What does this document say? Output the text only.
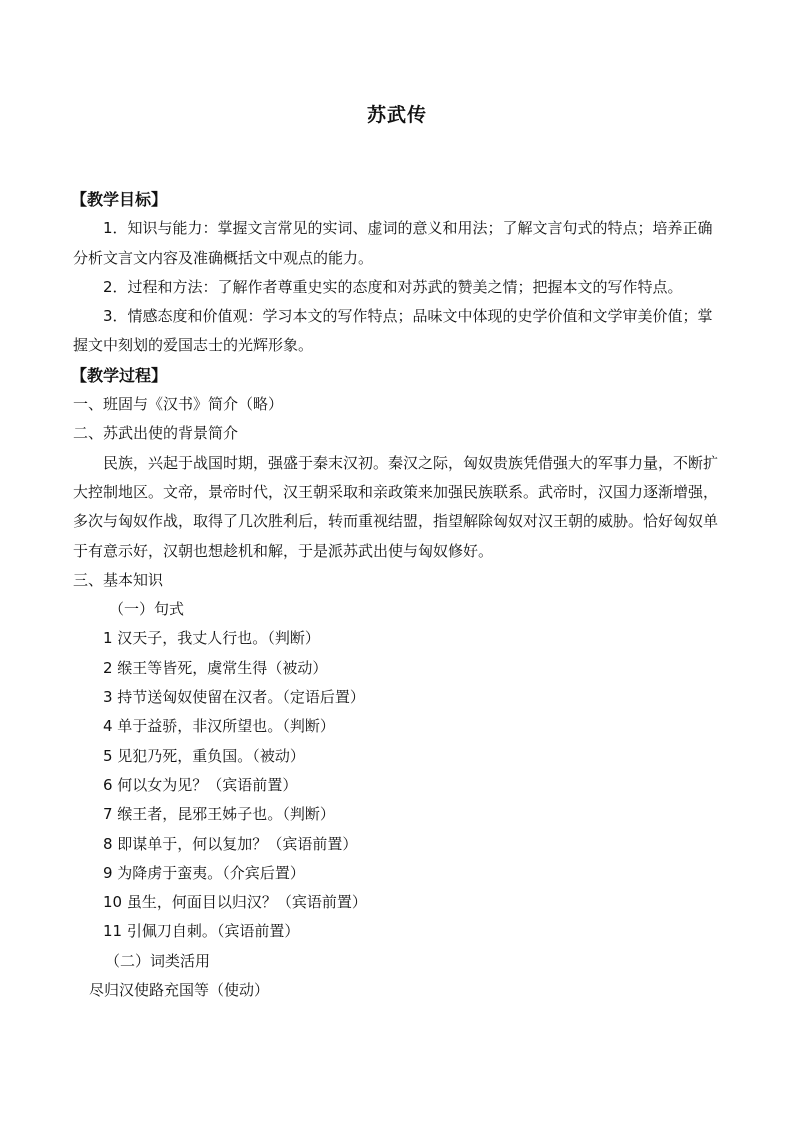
苏武传
【教学目标】

1．知识与能力：掌握文言常见的实词、虚词的意义和用法；了解文言句式的特点；培养正确分析文言文内容及准确概括文中观点的能力。

2．过程和方法：了解作者尊重史实的态度和对苏武的赞美之情；把握本文的写作特点。

3．情感态度和价值观：学习本文的写作特点；品味文中体现的史学价值和文学审美价值；掌握文中刻划的爱国志士的光辉形象。

【教学过程】

一、班固与《汉书》简介（略）

二、苏武出使的背景简介

民族，兴起于战国时期，强盛于秦末汉初。秦汉之际，匈奴贵族凭借强大的军事力量，不断扩大控制地区。文帝，景帝时代，汉王朝采取和亲政策来加强民族联系。武帝时，汉国力逐渐增强，多次与匈奴作战，取得了几次胜利后，转而重视结盟，指望解除匈奴对汉王朝的威胁。恰好匈奴单于有意示好，汉朝也想趁机和解，于是派苏武出使与匈奴修好。

三、基本知识

（一）句式

1 汉天子，我丈人行也。（判断）

2 缑王等皆死，虞常生得（被动）

3 持节送匈奴使留在汉者。（定语后置）

4 单于益骄，非汉所望也。（判断）

5 见犯乃死，重负国。（被动）

6 何以女为见？（宾语前置）

7 缑王者，昆邪王姊子也。（判断）

8 即谋单于，何以复加？（宾语前置）

9 为降虏于蛮夷。（介宾后置）

10 虽生，何面目以归汉？（宾语前置）

11 引佩刀自刺。（宾语前置）

（二）词类活用

尽归汉使路充国等（使动）
